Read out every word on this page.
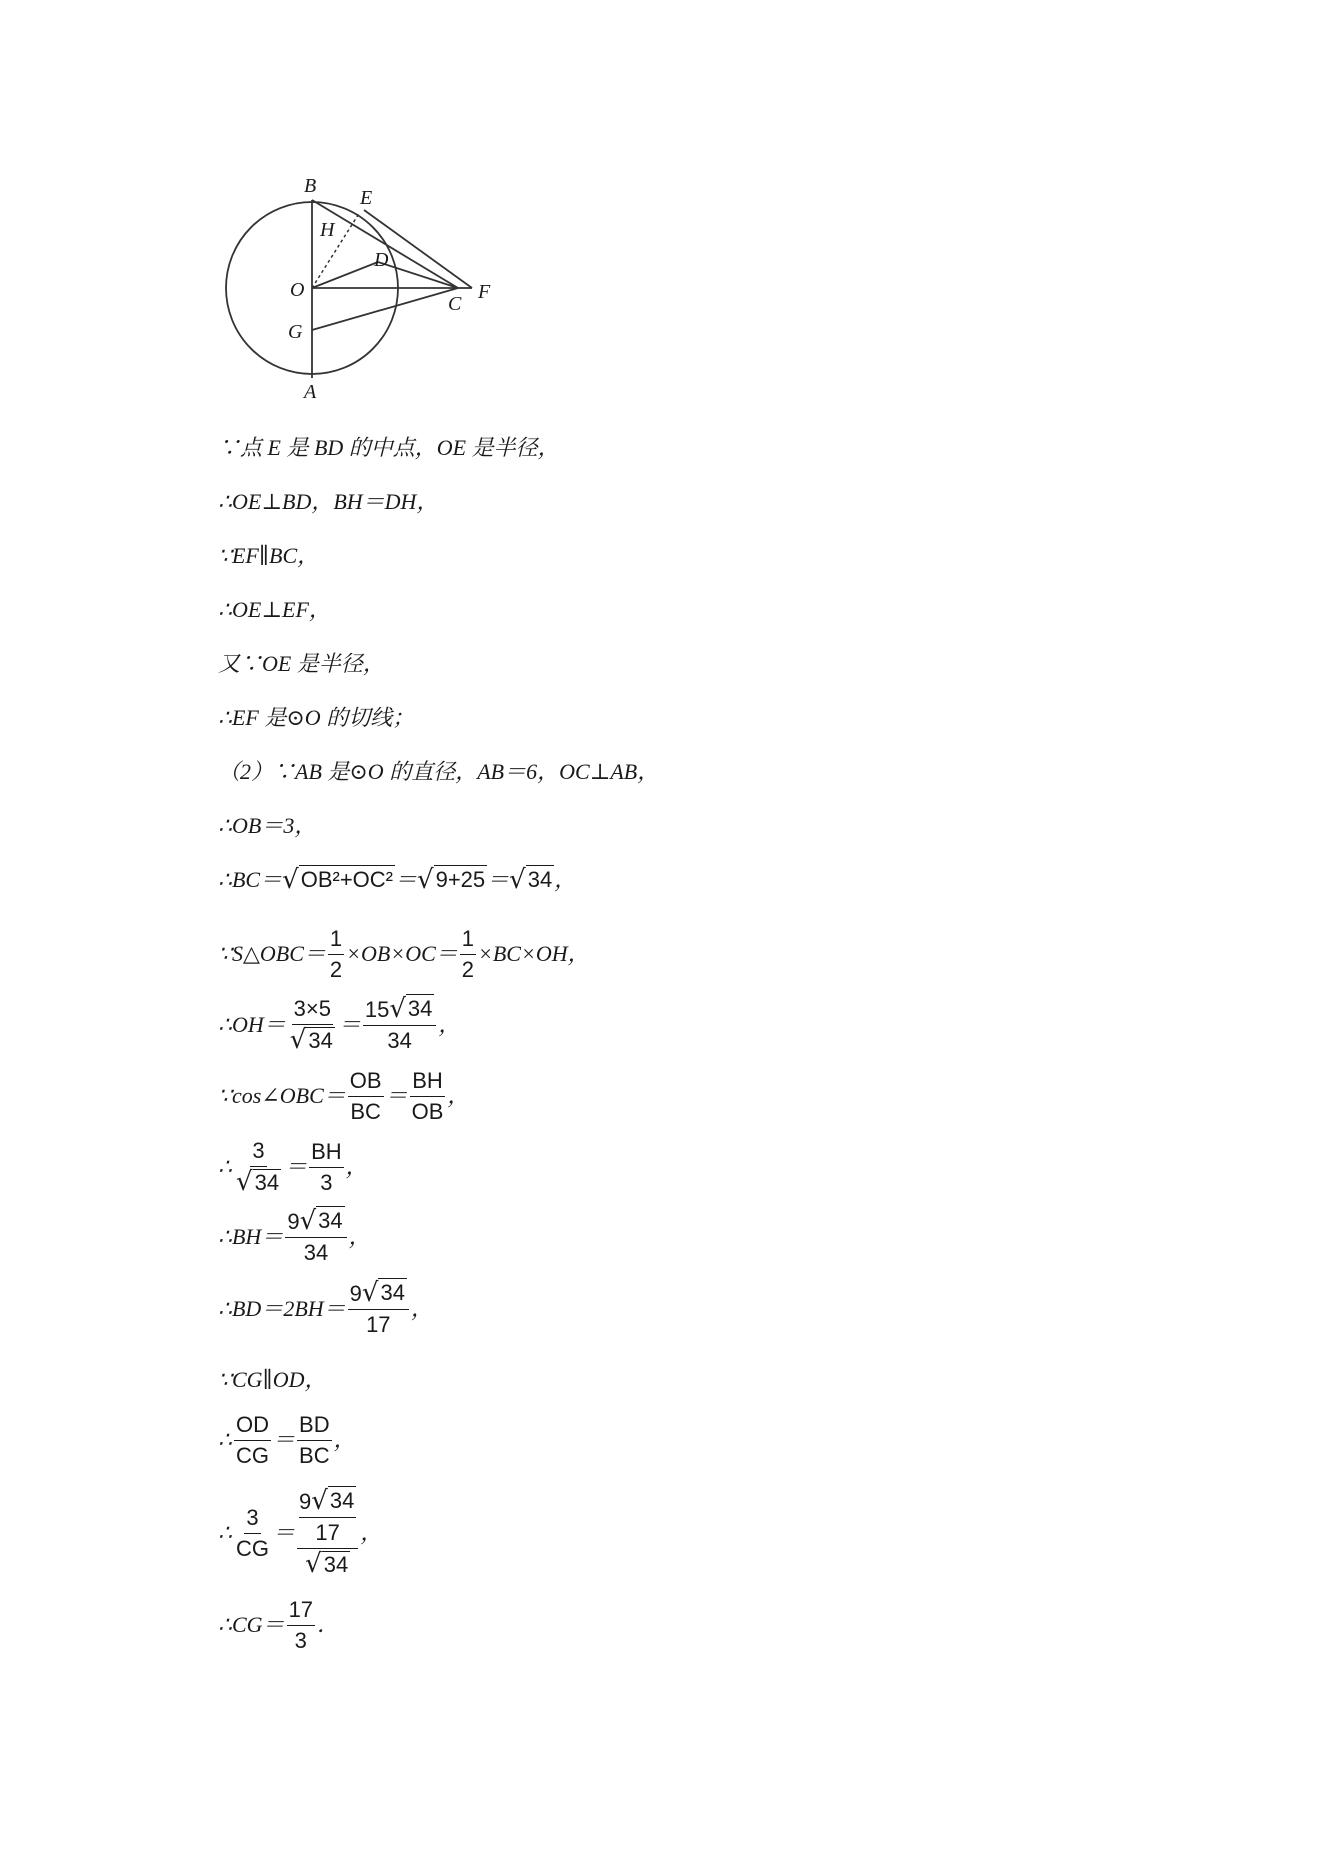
B
E
H
D
O
C
F
G
A
∵点 E 是 BD 的中点，OE 是半径，
∴OE⊥BD，BH＝DH，
∵EF∥BC，
∴OE⊥EF，
又∵OE 是半径，
∴EF 是⊙O 的切线；
（2）∵AB 是⊙O 的直径，AB＝6，OC⊥AB，
∴OB＝3，
∴BC＝ √ OB²+OC² ＝ √ 9+25 ＝ √ 34 ，
∵S△OBC＝ $\frac{1}{2} \times OB\times OC= \frac{1}{2} \times BC\times OH$，
∴OH＝ $\frac{3\times 5}{√34} = \frac{15 √ 34}{34}$ ，
∵cos∠OBC＝ $\frac{OB}{BC} = \frac{BH}{OB}$ ，
∴ $\frac{3}{√34} = \frac{BH}{3}$ ，
∴BH＝ $\frac{9 √ 34}{34}$ ，
∴BD＝2BH＝ $\frac{9 √ 34}{17}$ ，
∵CG∥OD，
∴ $\frac{OD}{CG} = \frac{BD}{BC}$ ，
∴ $\frac{3}{CG} = 9$ √ 34
17
√34 ，
∴CG＝ $\frac{17}{3}$ ．
